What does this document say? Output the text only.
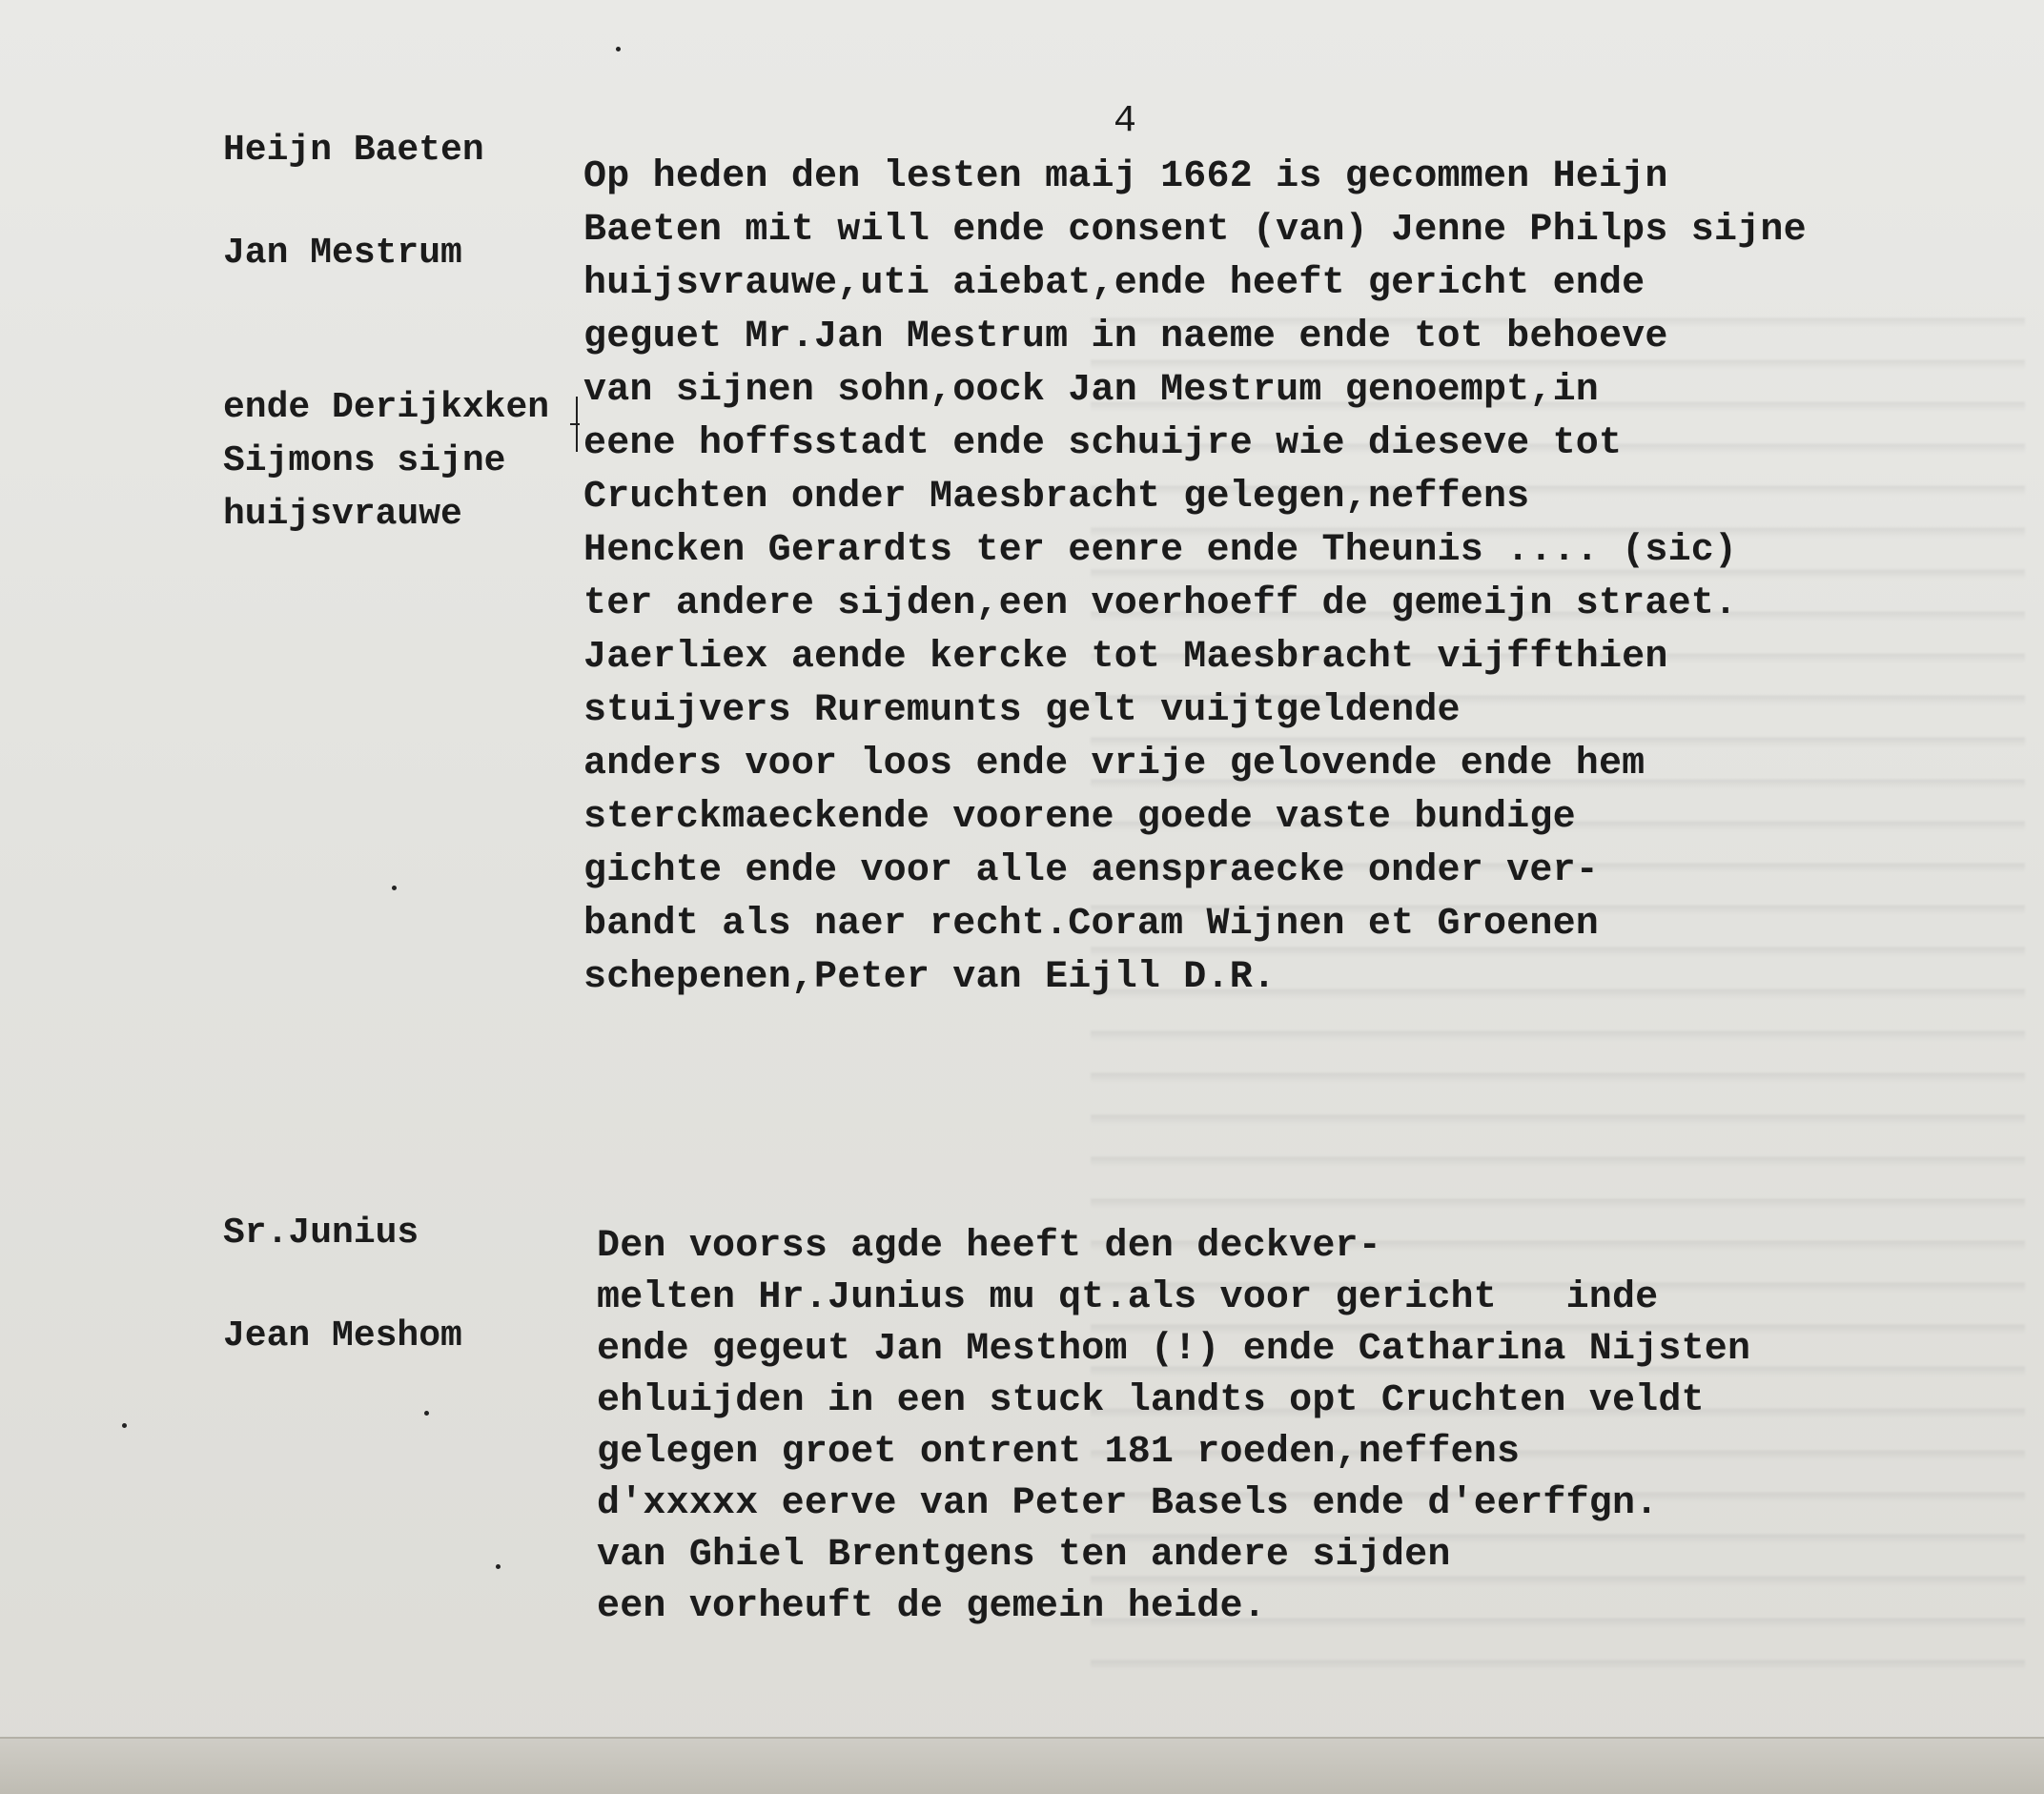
4
Heijn Baeten
Jan Mestrum
ende Derijkxken
Sijmons sijne
huijsvrauwe
Op heden den lesten maij 1662 is gecommen Heijn
Baeten mit will ende consent (van) Jenne Philps sijne
huijsvrauwe,uti aiebat,ende heeft gericht ende
geguet Mr.Jan Mestrum in naeme ende tot behoeve
van sijnen sohn,oock Jan Mestrum genoempt,in
eene hoffsstadt ende schuijre wie dieseve tot
Cruchten onder Maesbracht gelegen,neffens
Hencken Gerardts ter eenre ende Theunis .... (sic)
ter andere sijden,een voerhoeff de gemeijn straet.
Jaerliex aende kercke tot Maesbracht vijffthien
stuijvers Ruremunts gelt vuijtgeldende
anders voor loos ende vrije gelovende ende hem
sterckmaeckende voorene goede vaste bundige
gichte ende voor alle aenspraecke onder ver-
bandt als naer recht.Coram Wijnen et Groenen
schepenen,Peter van Eijll D.R.
Sr.Junius
Jean Meshom
Den voorss agde heeft den deckver-
melten Hr.Junius mu qt.als voor gericht   inde
ende gegeut Jan Mesthom (!) ende Catharina Nijsten
ehluijden in een stuck landts opt Cruchten veldt
gelegen groet ontrent 181 roeden,neffens
d'xxxxx eerve van Peter Basels ende d'eerffgn.
van Ghiel Brentgens ten andere sijden
een vorheuft de gemein heide.
